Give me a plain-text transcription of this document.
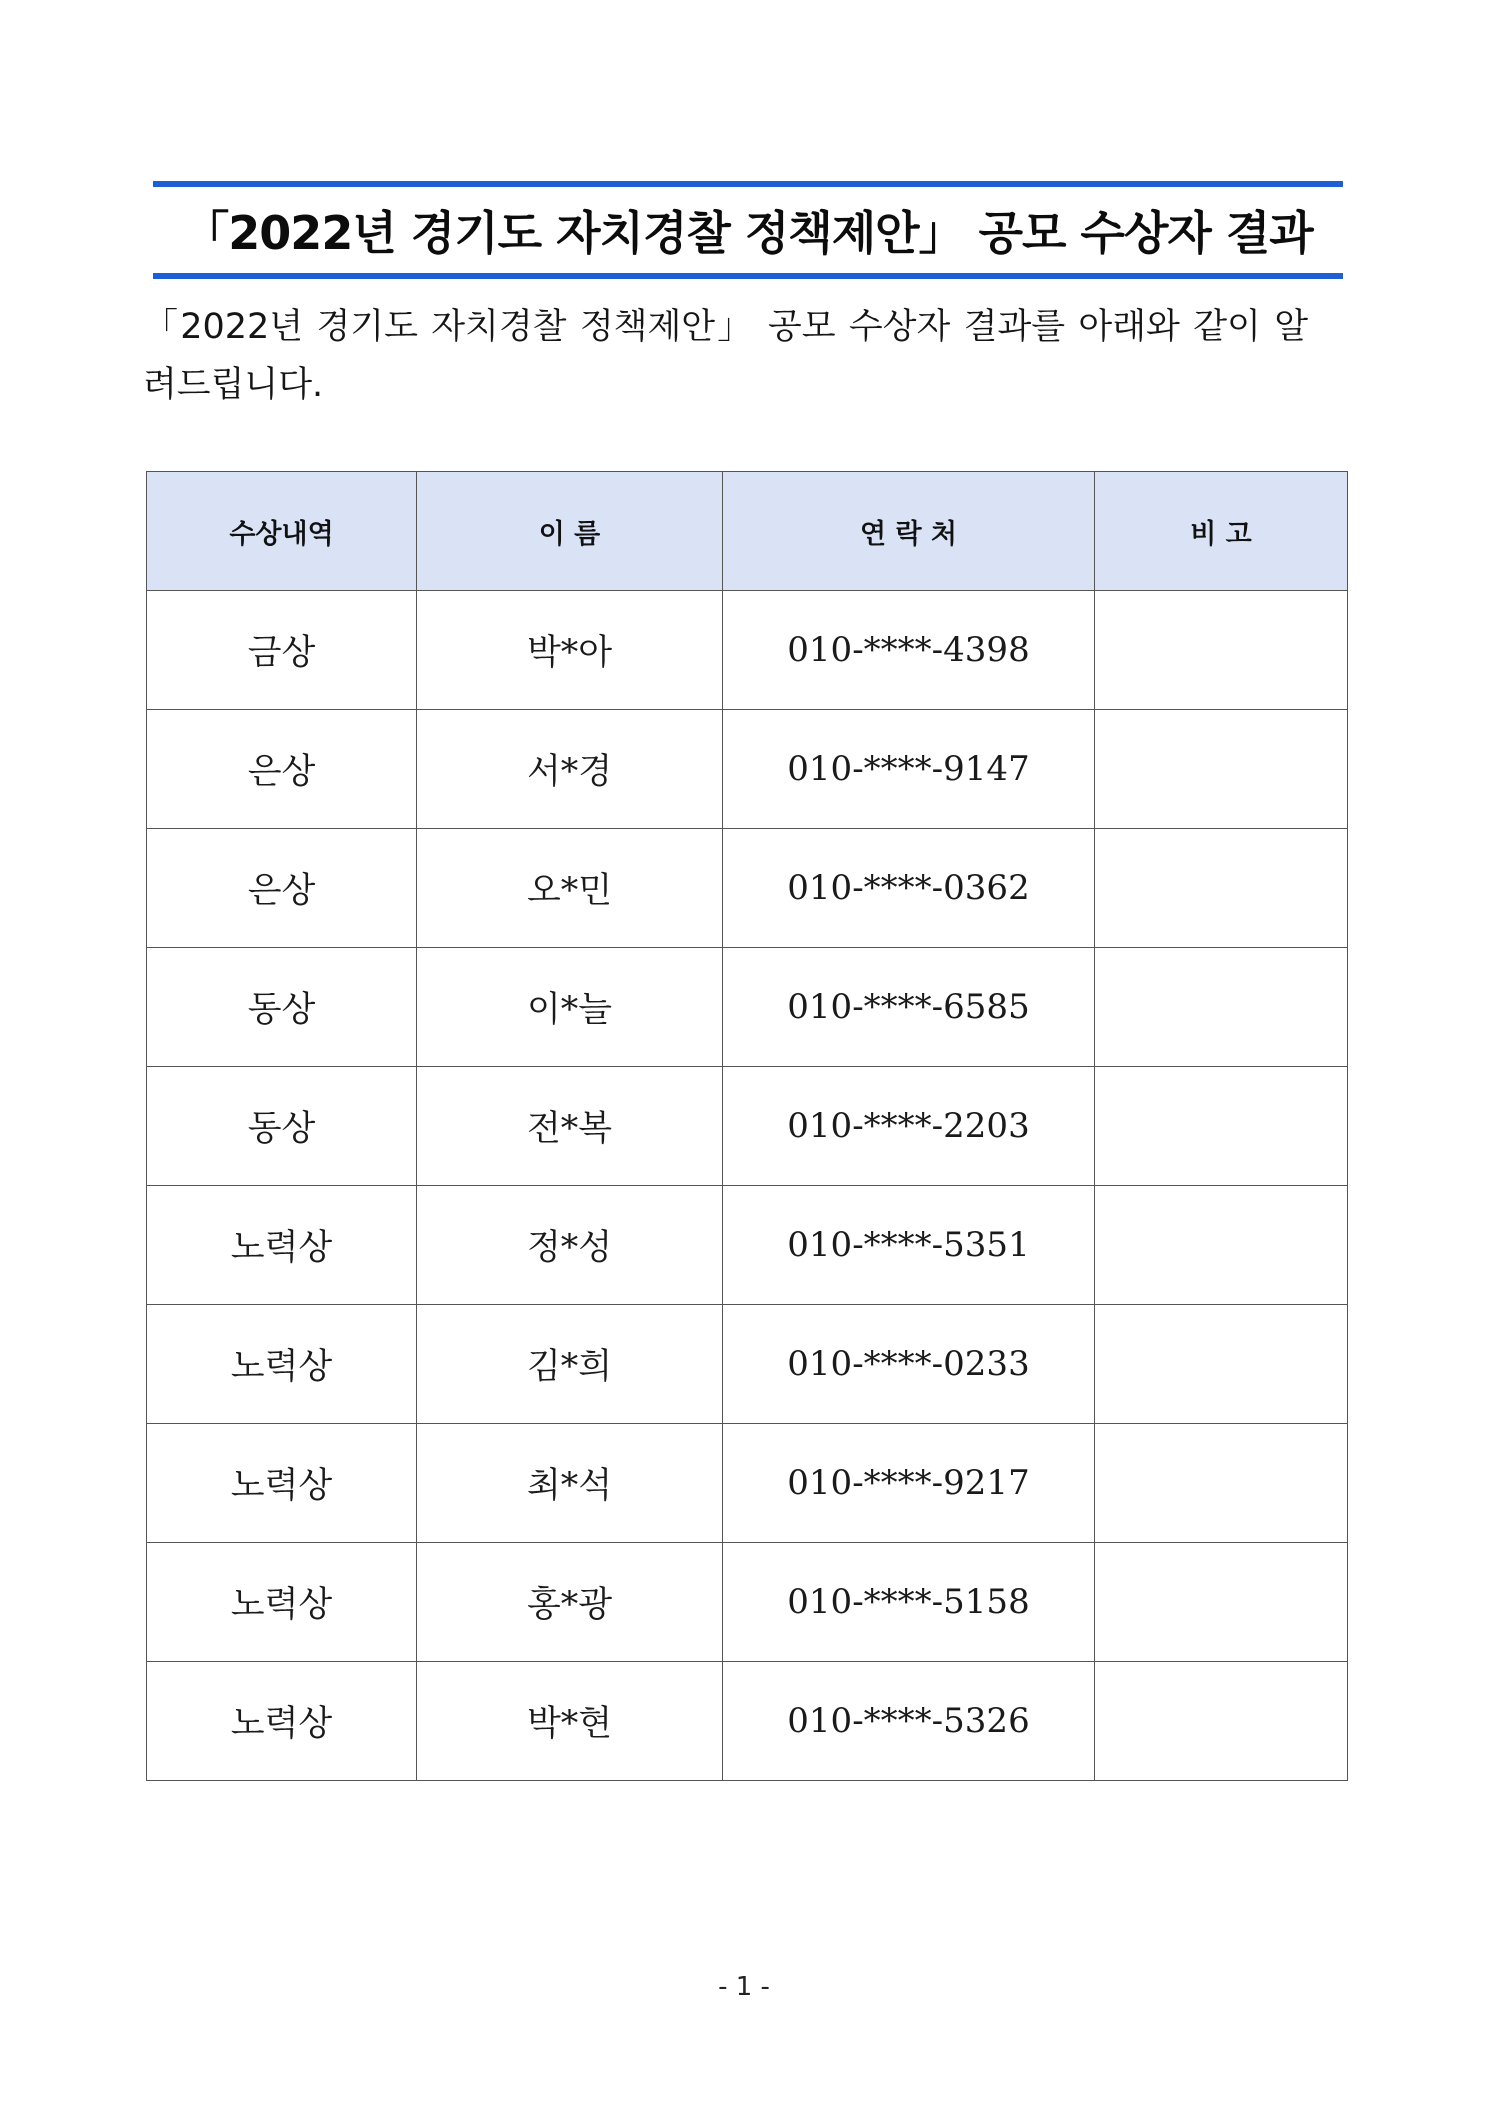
「2022년 경기도 자치경찰 정책제안」 공모 수상자 결과
「2022년 경기도 자치경찰 정책제안」 공모 수상자 결과를 아래와 같이 알려드립니다.
수상내역	이 름	연 락 처	비 고
금상	박*아	010-****-4398	
은상	서*경	010-****-9147	
은상	오*민	010-****-0362	
동상	이*늘	010-****-6585	
동상	전*복	010-****-2203	
노력상	정*성	010-****-5351	
노력상	김*희	010-****-0233	
노력상	최*석	010-****-9217	
노력상	홍*광	010-****-5158	
노력상	박*현	010-****-5326	
- 1 -
